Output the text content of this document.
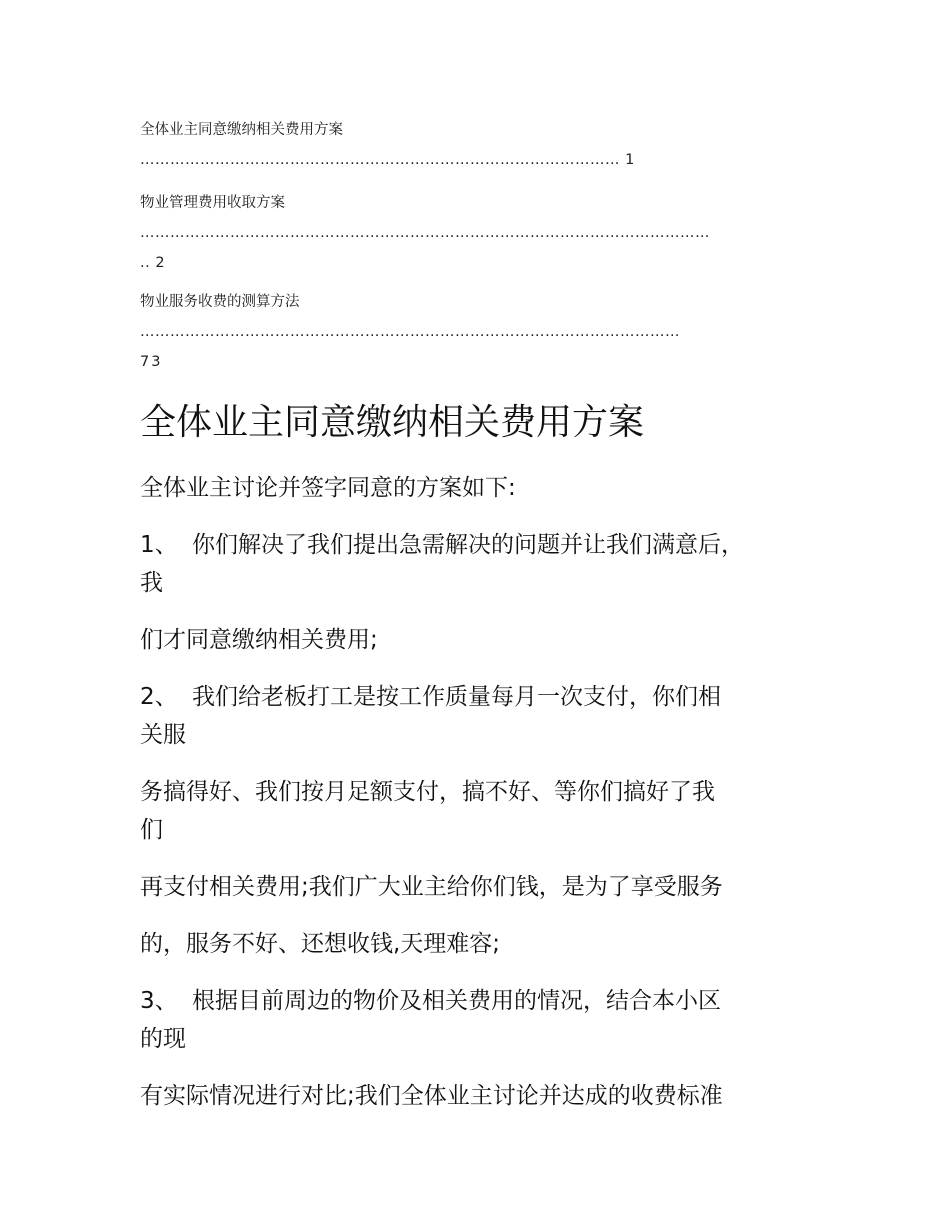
全体业主同意缴纳相关费用方案
…………………………………………………………………………………… 1
物业管理费用收取方案
……………………………………………………………………………………………………
.. 2
物业服务收费的测算方法
………………………………………………………………………………………………
73
全体业主同意缴纳相关费用方案
全体业主讨论并签字同意的方案如下:
1、 你们解决了我们提出急需解决的问题并让我们满意后，
我
们才同意缴纳相关费用;
2、 我们给老板打工是按工作质量每月一次支付，你们相
关服
务搞得好、我们按月足额支付，搞不好、等你们搞好了我
们
再支付相关费用;我们广大业主给你们钱，是为了享受服务
的，服务不好、还想收钱,天理难容;
3、 根据目前周边的物价及相关费用的情况，结合本小区
的现
有实际情况进行对比;我们全体业主讨论并达成的收费标准
